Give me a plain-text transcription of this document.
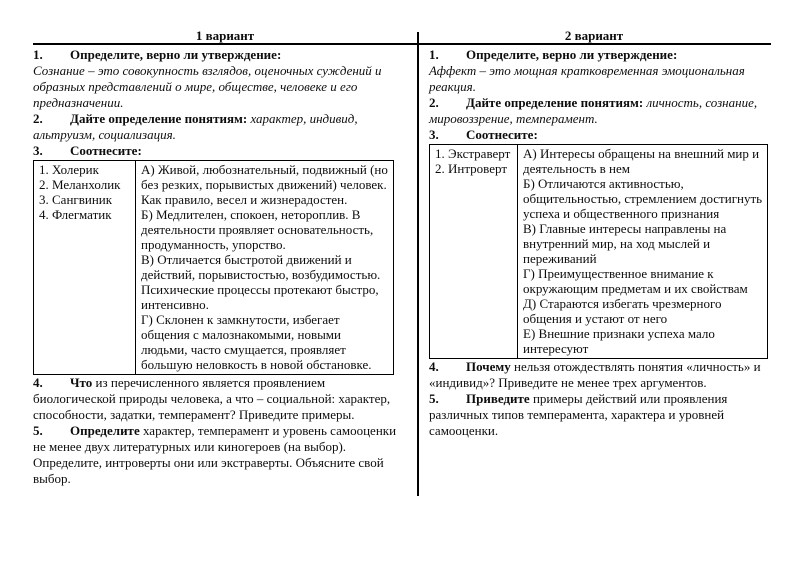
1 вариант	2 вариант

1. Определите, верно ли утверждение:

Сознание – это совокупность взглядов, оценочных суждений и образных представлений о мире, обществе, человеке и его предназначении.

2. Дайте определение понятиям: характер, индивид, альтруизм, социализация.

3. Соотнесите:

1. Холерик
2. Меланхолик
3. Сангвиник
4. Флегматик

А) Живой, любознательный, подвижный (но без резких, порывистых движений) человек. Как правило, весел и жизнерадостен.
Б) Медлителен, спокоен, нетороплив. В деятельности проявляет основательность, продуманность, упорство.
В) Отличается быстротой движений и действий, порывистостью, возбудимостью. Психические процессы протекают быстро, интенсивно.
Г) Склонен к замкнутости, избегает общения с малознакомыми, новыми людьми, часто смущается, проявляет большую неловкость в новой обстановке.

4. Что из перечисленного является проявлением биологической природы человека, а что – социальной: характер, способности, задатки, темперамент? Приведите примеры.

5. Определите характер, темперамент и уровень самооценки не менее двух литературных или киногероев (на выбор). Определите, интроверты они или экстраверты. Объясните свой выбор.

1. Определите, верно ли утверждение:

Аффект – это мощная кратковременная эмоциональная реакция.

2. Дайте определение понятиям: личность, сознание, мировоззрение, темперамент.

3. Соотнесите:

1. Экстраверт
2. Интроверт

А) Интересы обращены на внешний мир и деятельность в нем
Б) Отличаются активностью, общительностью, стремлением достигнуть успеха и общественного признания
В) Главные интересы направлены на внутренний мир, на ход мыслей и переживаний
Г) Преимущественное внимание к окружающим предметам и их свойствам
Д) Стараются избегать чрезмерного общения и устают от него
Е) Внешние признаки успеха мало интересуют

4. Почему нельзя отождествлять понятия «личность» и «индивид»? Приведите не менее трех аргументов.

5. Приведите примеры действий или проявления различных типов темперамента, характера и уровней самооценки.
